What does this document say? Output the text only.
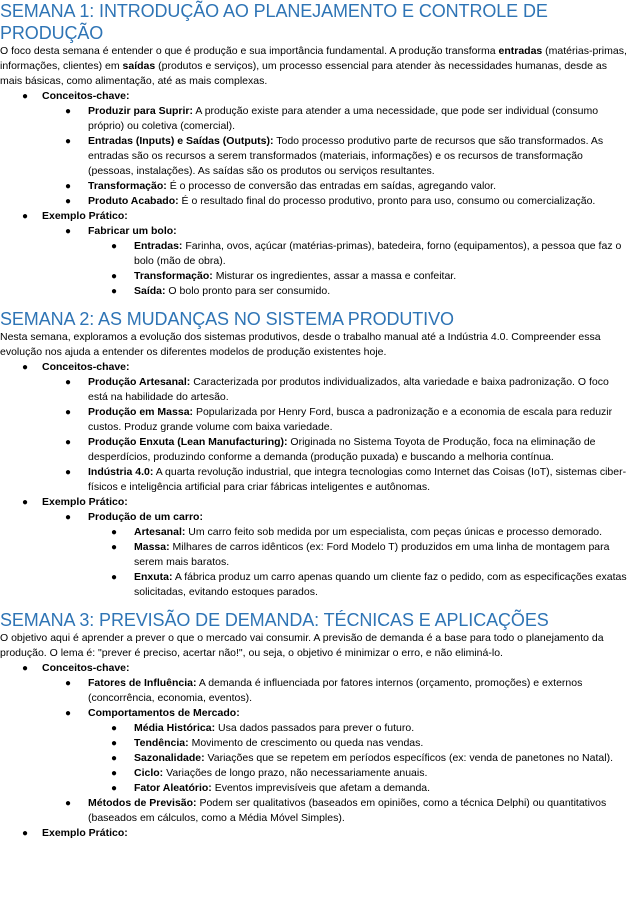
SEMANA 1: INTRODUÇÃO AO PLANEJAMENTO E CONTROLE DE PRODUÇÃO

O foco desta semana é entender o que é produção e sua importância fundamental. A produção transforma entradas (matérias-primas, informações, clientes) em saídas (produtos e serviços), um processo essencial para atender às necessidades humanas, desde as mais básicas, como alimentação, até as mais complexas.

● Conceitos-chave:
● Produzir para Suprir: A produção existe para atender a uma necessidade, que pode ser individual (consumo próprio) ou coletiva (comercial).
● Entradas (Inputs) e Saídas (Outputs): Todo processo produtivo parte de recursos que são transformados. As entradas são os recursos a serem transformados (materiais, informações) e os recursos de transformação (pessoas, instalações). As saídas são os produtos ou serviços resultantes.
● Transformação: É o processo de conversão das entradas em saídas, agregando valor.
● Produto Acabado: É o resultado final do processo produtivo, pronto para uso, consumo ou comercialização.
● Exemplo Prático:
● Fabricar um bolo:
● Entradas: Farinha, ovos, açúcar (matérias-primas), batedeira, forno (equipamentos), a pessoa que faz o bolo (mão de obra).
● Transformação: Misturar os ingredientes, assar a massa e confeitar.
● Saída: O bolo pronto para ser consumido.
SEMANA 2: AS MUDANÇAS NO SISTEMA PRODUTIVO

Nesta semana, exploramos a evolução dos sistemas produtivos, desde o trabalho manual até a Indústria 4.0. Compreender essa evolução nos ajuda a entender os diferentes modelos de produção existentes hoje.

● Conceitos-chave:
● Produção Artesanal: Caracterizada por produtos individualizados, alta variedade e baixa padronização. O foco está na habilidade do artesão.
● Produção em Massa: Popularizada por Henry Ford, busca a padronização e a economia de escala para reduzir custos. Produz grande volume com baixa variedade.
● Produção Enxuta (Lean Manufacturing): Originada no Sistema Toyota de Produção, foca na eliminação de desperdícios, produzindo conforme a demanda (produção puxada) e buscando a melhoria contínua.
● Indústria 4.0: A quarta revolução industrial, que integra tecnologias como Internet das Coisas (IoT), sistemas ciber-físicos e inteligência artificial para criar fábricas inteligentes e autônomas.
● Exemplo Prático:
● Produção de um carro:
● Artesanal: Um carro feito sob medida por um especialista, com peças únicas e processo demorado.
● Massa: Milhares de carros idênticos (ex: Ford Modelo T) produzidos em uma linha de montagem para serem mais baratos.
● Enxuta: A fábrica produz um carro apenas quando um cliente faz o pedido, com as especificações exatas solicitadas, evitando estoques parados.
SEMANA 3: PREVISÃO DE DEMANDA: TÉCNICAS E APLICAÇÕES

O objetivo aqui é aprender a prever o que o mercado vai consumir. A previsão de demanda é a base para todo o planejamento da produção. O lema é: "prever é preciso, acertar não!", ou seja, o objetivo é minimizar o erro, e não eliminá-lo.

● Conceitos-chave:
● Fatores de Influência: A demanda é influenciada por fatores internos (orçamento, promoções) e externos (concorrência, economia, eventos).
● Comportamentos de Mercado:
● Média Histórica: Usa dados passados para prever o futuro.
● Tendência: Movimento de crescimento ou queda nas vendas.
● Sazonalidade: Variações que se repetem em períodos específicos (ex: venda de panetones no Natal).
● Ciclo: Variações de longo prazo, não necessariamente anuais.
● Fator Aleatório: Eventos imprevisíveis que afetam a demanda.
● Métodos de Previsão: Podem ser qualitativos (baseados em opiniões, como a técnica Delphi) ou quantitativos (baseados em cálculos, como a Média Móvel Simples).
● Exemplo Prático:
